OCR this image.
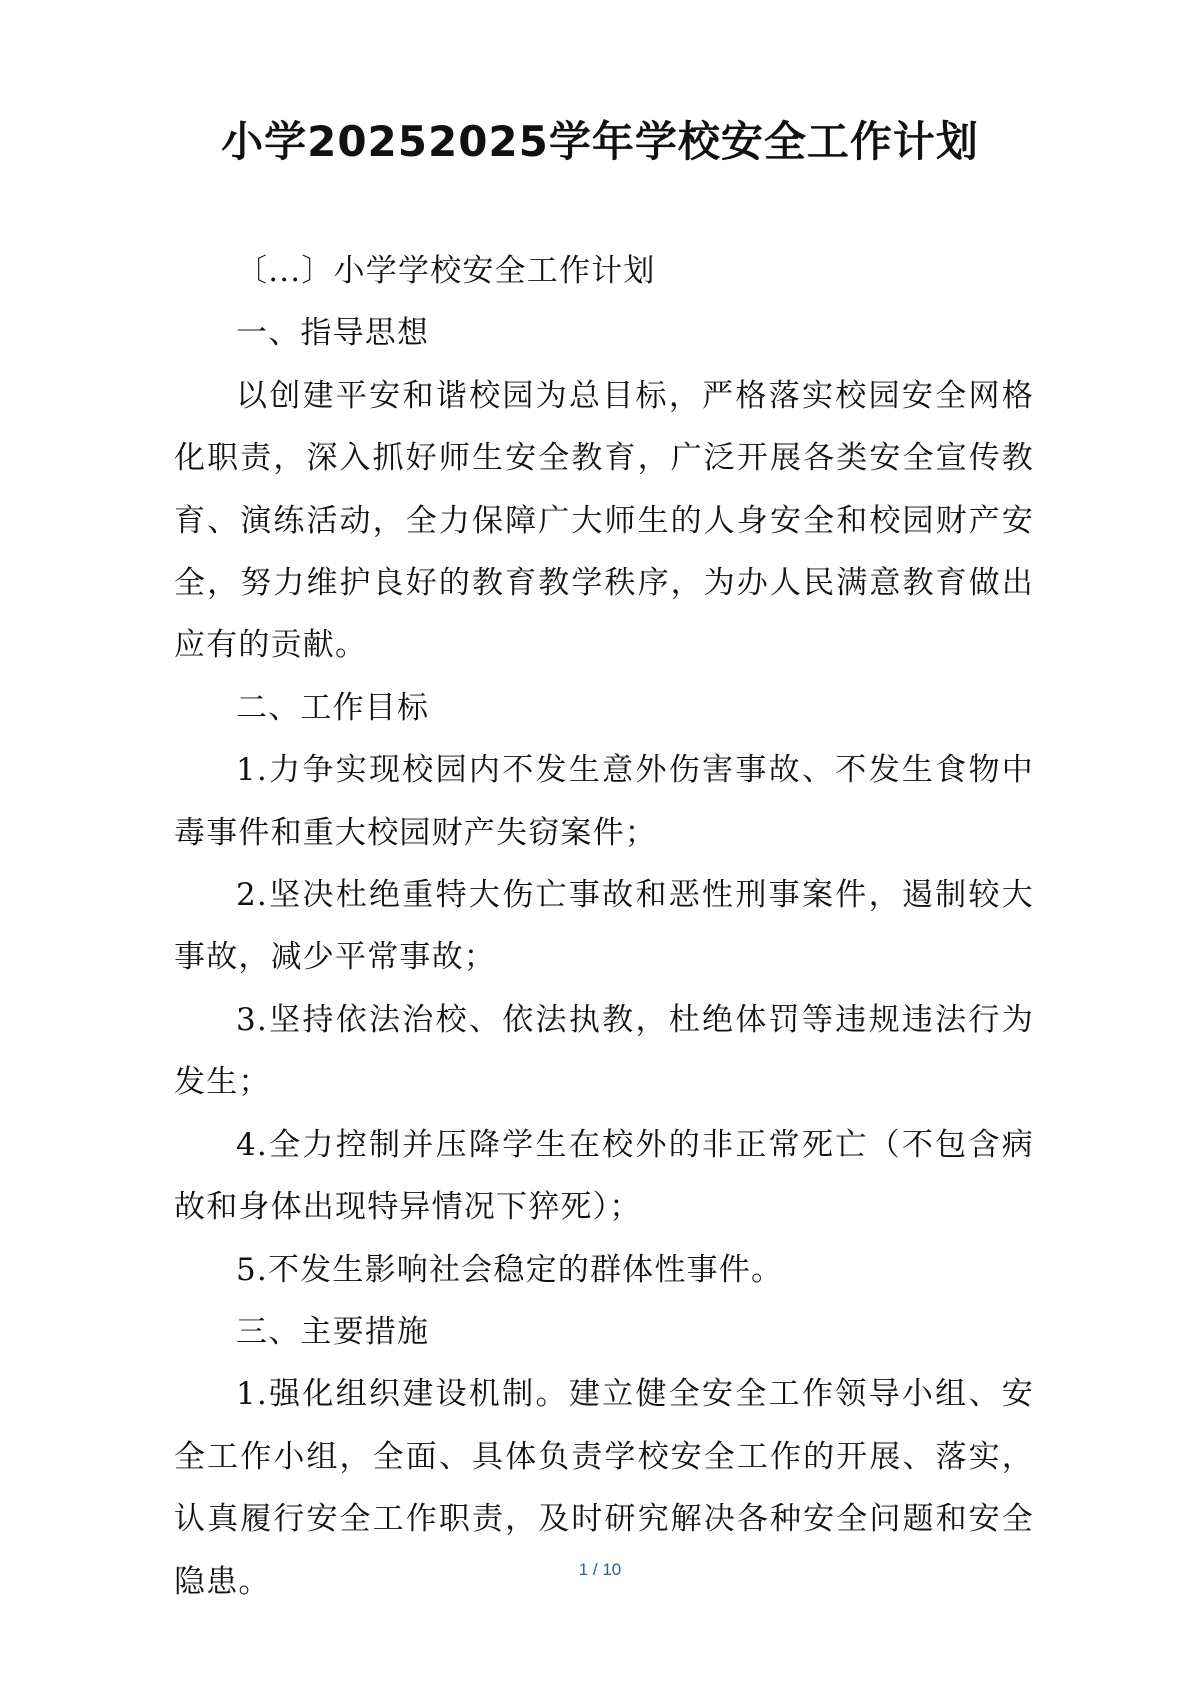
小学20252025学年学校安全工作计划

〔...〕小学学校安全工作计划

一、指导思想

以创建平安和谐校园为总目标，严格落实校园安全网格化职责，深入抓好师生安全教育，广泛开展各类安全宣传教育、演练活动，全力保障广大师生的人身安全和校园财产安全，努力维护良好的教育教学秩序，为办人民满意教育做出应有的贡献。

二、工作目标

1.力争实现校园内不发生意外伤害事故、不发生食物中毒事件和重大校园财产失窃案件；

2.坚决杜绝重特大伤亡事故和恶性刑事案件，遏制较大事故，减少平常事故；

3.坚持依法治校、依法执教，杜绝体罚等违规违法行为发生；

4.全力控制并压降学生在校外的非正常死亡（不包含病故和身体出现特异情况下猝死）；

5.不发生影响社会稳定的群体性事件。

三、主要措施

1.强化组织建设机制。建立健全安全工作领导小组、安全工作小组，全面、具体负责学校安全工作的开展、落实，认真履行安全工作职责，及时研究解决各种安全问题和安全隐患。	1 / 10
